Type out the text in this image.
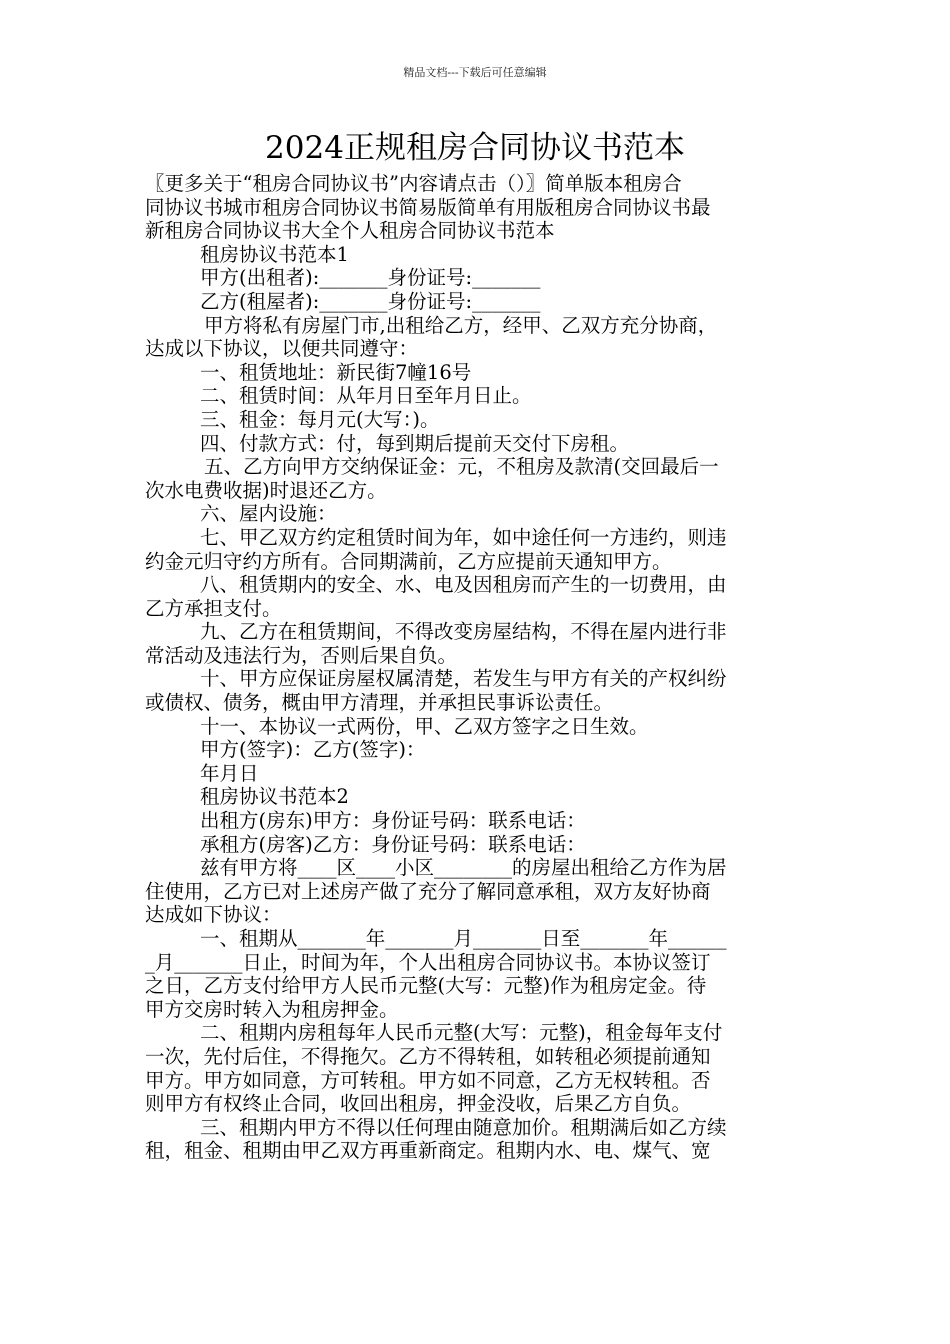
精品文档---下载后可任意编辑
2024正规租房合同协议书范本

〖更多关于“租房合同协议书”内容请点击（）〗简单版本租房合

同协议书城市租房合同协议书简易版简单有用版租房合同协议书最

新租房合同协议书大全个人租房合同协议书范本

租房协议书范本1

甲方(出租者):_______身份证号:_______

乙方(租屋者):_______身份证号:_______

甲方将私有房屋门市,出租给乙方，经甲、乙双方充分协商，

达成以下协议，以便共同遵守：

一、租赁地址：新民街7幢16号

二、租赁时间：从年月日至年月日止。

三、租金：每月元(大写：)。

四、付款方式：付，每到期后提前天交付下房租。

五、乙方向甲方交纳保证金：元，不租房及款清(交回最后一

次水电费收据)时退还乙方。

六、屋内设施：

七、甲乙双方约定租赁时间为年，如中途任何一方违约，则违

约金元归守约方所有。合同期满前，乙方应提前天通知甲方。

八、租赁期内的安全、水、电及因租房而产生的一切费用，由

乙方承担支付。

九、乙方在租赁期间，不得改变房屋结构，不得在屋内进行非

常活动及违法行为，否则后果自负。

十、甲方应保证房屋权属清楚，若发生与甲方有关的产权纠纷

或债权、债务，概由甲方清理，并承担民事诉讼责任。

十一、本协议一式两份，甲、乙双方签字之日生效。

甲方(签字)：乙方(签字)：

年月日

租房协议书范本2

出租方(房东)甲方：身份证号码：联系电话：

承租方(房客)乙方：身份证号码：联系电话：

兹有甲方将____区____小区________的房屋出租给乙方作为居

住使用，乙方已对上述房产做了充分了解同意承租，双方友好协商

达成如下协议：

一、租期从_______年_______月_______日至_______年______

_月_______日止，时间为年，个人出租房合同协议书。本协议签订

之日，乙方支付给甲方人民币元整(大写：元整)作为租房定金。待

甲方交房时转入为租房押金。

二、租期内房租每年人民币元整(大写：元整)，租金每年支付

一次，先付后住，不得拖欠。乙方不得转租，如转租必须提前通知

甲方。甲方如同意，方可转租。甲方如不同意，乙方无权转租。否

则甲方有权终止合同，收回出租房，押金没收，后果乙方自负。

三、租期内甲方不得以任何理由随意加价。租期满后如乙方续

租，租金、租期由甲乙双方再重新商定。租期内水、电、煤气、宽
